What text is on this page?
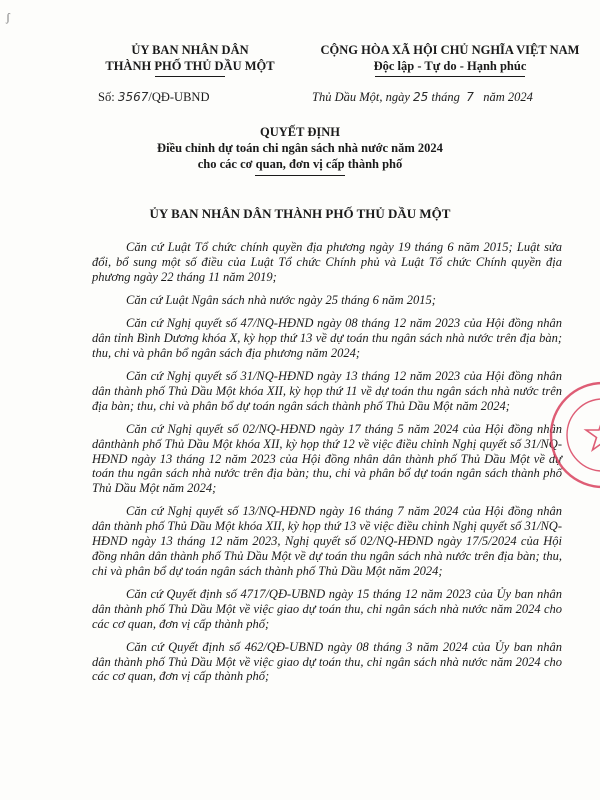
ʃ
ỦY BAN NHÂN DÂN
THÀNH PHỐ THỦ DẦU MỘT
Số: 3567/QĐ-UBND
CỘNG HÒA XÃ HỘI CHỦ NGHĨA VIỆT NAM
Độc lập - Tự do - Hạnh phúc
Thủ Dầu Một, ngày 25 tháng 7 năm 2024
QUYẾT ĐỊNH
Điều chỉnh dự toán chi ngân sách nhà nước năm 2024
cho các cơ quan, đơn vị cấp thành phố
ỦY BAN NHÂN DÂN THÀNH PHỐ THỦ DẦU MỘT

Căn cứ Luật Tổ chức chính quyền địa phương ngày 19 tháng 6 năm 2015; Luật sửa đổi, bổ sung một số điều của Luật Tổ chức Chính phủ và Luật Tổ chức Chính quyền địa phương ngày 22 tháng 11 năm 2019;

Căn cứ Luật Ngân sách nhà nước ngày 25 tháng 6 năm 2015;

Căn cứ Nghị quyết số 47/NQ-HĐND ngày 08 tháng 12 năm 2023 của Hội đồng nhân dân tỉnh Bình Dương khóa X, kỳ họp thứ 13 về dự toán thu ngân sách nhà nước trên địa bàn; thu, chi và phân bổ ngân sách địa phương năm 2024;

Căn cứ Nghị quyết số 31/NQ-HĐND ngày 13 tháng 12 năm 2023 của Hội đồng nhân dân thành phố Thủ Dầu Một khóa XII, kỳ họp thứ 11 về dự toán thu ngân sách nhà nước trên địa bàn; thu, chi và phân bổ dự toán ngân sách thành phố Thủ Dầu Một năm 2024;

Căn cứ Nghị quyết số 02/NQ-HĐND ngày 17 tháng 5 năm 2024 của Hội đồng nhân dânthành phố Thủ Dầu Một khóa XII, kỳ họp thứ 12 về việc điều chỉnh Nghị quyết số 31/NQ-HĐND ngày 13 tháng 12 năm 2023 của Hội đồng nhân dân thành phố Thủ Dầu Một về dự toán thu ngân sách nhà nước trên địa bàn; thu, chi và phân bổ dự toán ngân sách thành phố Thủ Dầu Một năm 2024;

Căn cứ Nghị quyết số 13/NQ-HĐND ngày 16 tháng 7 năm 2024 của Hội đồng nhân dân thành phố Thủ Dầu Một khóa XII, kỳ họp thứ 13 về việc điều chỉnh Nghị quyết số 31/NQ-HĐND ngày 13 tháng 12 năm 2023, Nghị quyết số 02/NQ-HĐND ngày 17/5/2024 của Hội đồng nhân dân thành phố Thủ Dầu Một về dự toán thu ngân sách nhà nước trên địa bàn; thu, chi và phân bổ dự toán ngân sách thành phố Thủ Dầu Một năm 2024;

Căn cứ Quyết định số 4717/QĐ-UBND ngày 15 tháng 12 năm 2023 của Ủy ban nhân dân thành phố Thủ Dầu Một về việc giao dự toán thu, chi ngân sách nhà nước năm 2024 cho các cơ quan, đơn vị cấp thành phố;

Căn cứ Quyết định số 462/QĐ-UBND ngày 08 tháng 3 năm 2024 của Ủy ban nhân dân thành phố Thủ Dầu Một về việc giao dự toán thu, chi ngân sách nhà nước năm 2024 cho các cơ quan, đơn vị cấp thành phố;
